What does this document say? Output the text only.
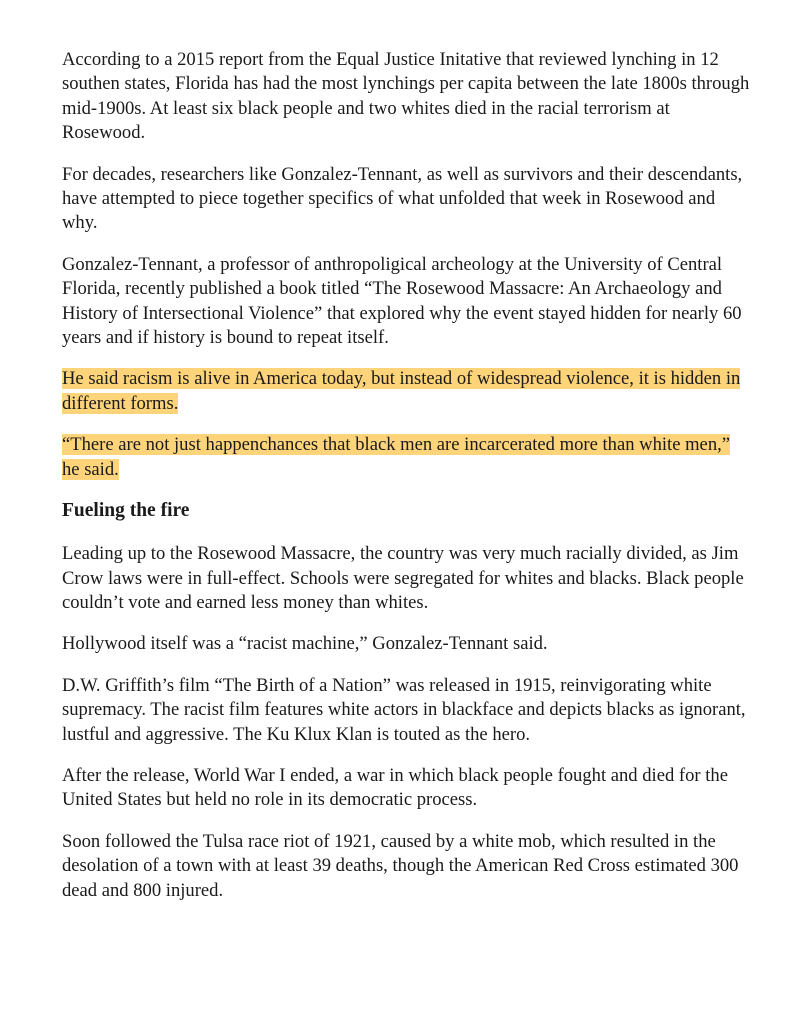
According to a 2015 report from the Equal Justice Initative that reviewed lynching in 12 southen states, Florida has had the most lynchings per capita between the late 1800s through mid-1900s. At least six black people and two whites died in the racial terrorism at Rosewood.

For decades, researchers like Gonzalez-Tennant, as well as survivors and their descendants, have attempted to piece together specifics of what unfolded that week in Rosewood and why.

Gonzalez-Tennant, a professor of anthropoligical archeology at the University of Central Florida, recently published a book titled “The Rosewood Massacre: An Archaeology and History of Intersectional Violence” that explored why the event stayed hidden for nearly 60 years and if history is bound to repeat itself.

He said racism is alive in America today, but instead of widespread violence, it is hidden in different forms.

“There are not just happenchances that black men are incarcerated more than white men,” he said.

Fueling the fire

Leading up to the Rosewood Massacre, the country was very much racially divided, as Jim Crow laws were in full-effect. Schools were segregated for whites and blacks. Black people couldn’t vote and earned less money than whites.

Hollywood itself was a “racist machine,” Gonzalez-Tennant said.

D.W. Griffith’s film “The Birth of a Nation” was released in 1915, reinvigorating white supremacy. The racist film features white actors in blackface and depicts blacks as ignorant, lustful and aggressive. The Ku Klux Klan is touted as the hero.

After the release, World War I ended, a war in which black people fought and died for the United States but held no role in its democratic process.

Soon followed the Tulsa race riot of 1921, caused by a white mob, which resulted in the desolation of a town with at least 39 deaths, though the American Red Cross estimated 300 dead and 800 injured.
